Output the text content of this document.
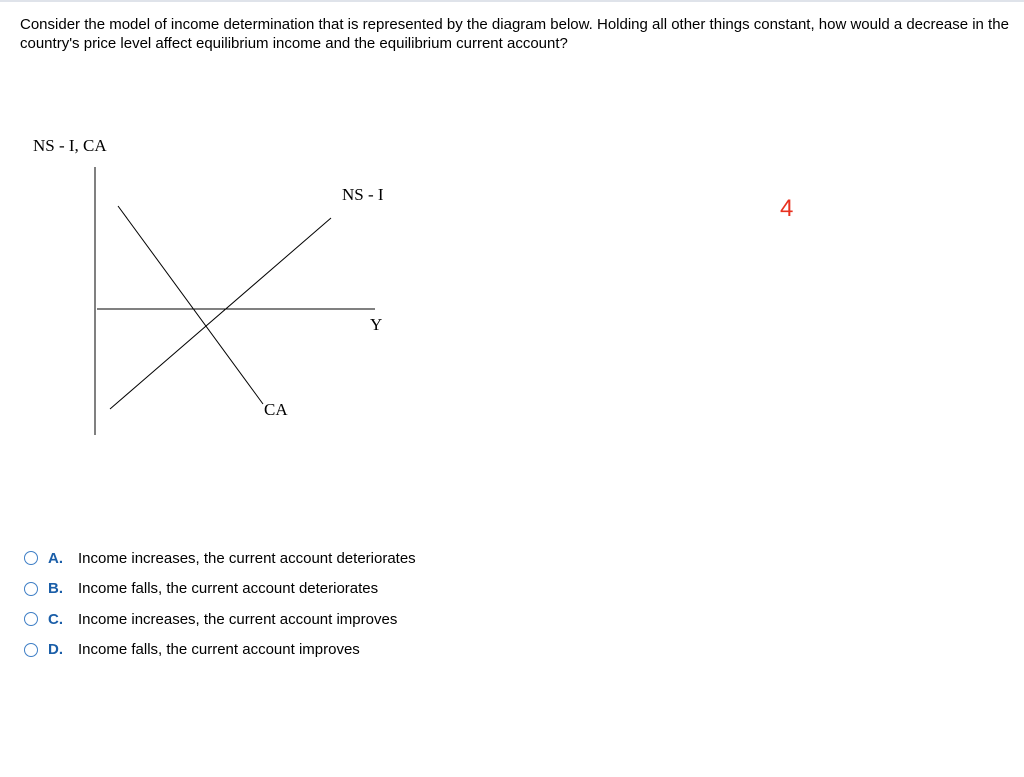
Consider the model of income determination that is represented by the diagram below. Holding all other things constant, how would a decrease in the country's price level affect equilibrium income and the equilibrium current account?

NS - I, CA
NS - I
Y
CA
4
A.	Income increases, the current account deteriorates
B.	Income falls, the current account deteriorates
C.	Income increases, the current account improves
D.	Income falls, the current account improves
